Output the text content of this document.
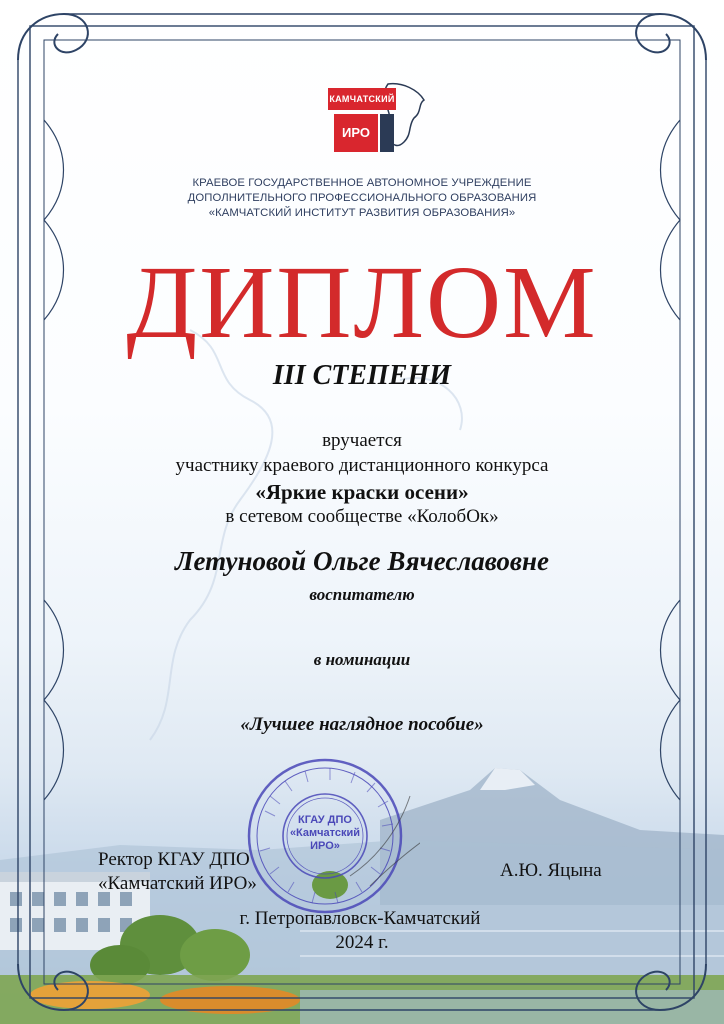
КАМЧАТСКИЙ
ИРО
КРАЕВОЕ ГОСУДАРСТВЕННОЕ АВТОНОМНОЕ УЧРЕЖДЕНИЕ
ДОПОЛНИТЕЛЬНОГО ПРОФЕССИОНАЛЬНОГО ОБРАЗОВАНИЯ
«КАМЧАТСКИЙ ИНСТИТУТ РАЗВИТИЯ ОБРАЗОВАНИЯ»
ДИПЛОМ
III СТЕПЕНИ
вручается
участнику краевого дистанционного конкурса
«Яркие краски осени»
в сетевом сообществе «КолобОк»
Летуновой Ольге Вячеславовне
воспитателю
в номинации
«Лучшее наглядное пособие»
КГАУ ДПО
«Камчатский
ИРО»
Ректор КГАУ ДПО
«Камчатский ИРО»
А.Ю. Яцына
г. Петропавловск-Камчатский
2024 г.
